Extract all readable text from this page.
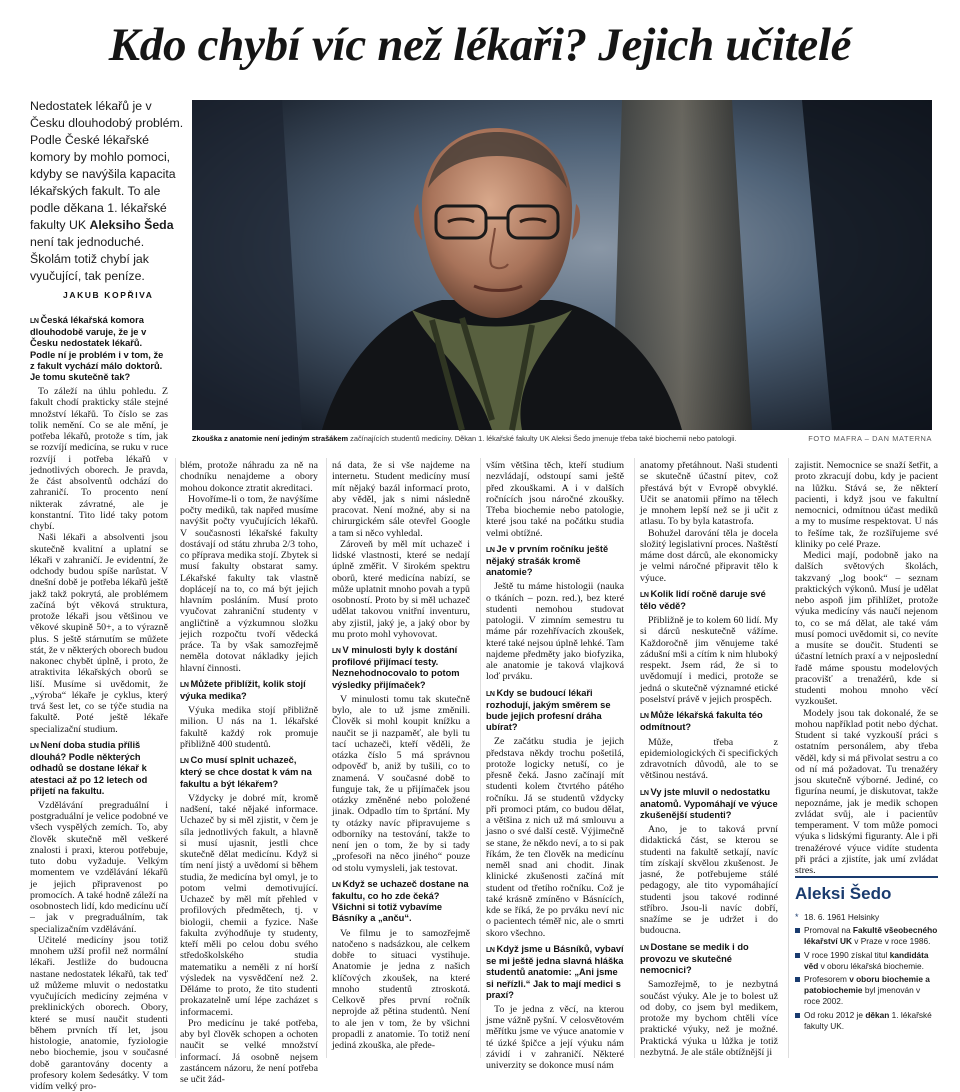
Kdo chybí víc než lékaři? Jejich učitelé
Nedostatek lékařů je v Česku dlouhodobý problém. Podle České lékařské komory by mohlo pomoci, kdyby se navýšila kapacita lékařských fakult. To ale podle děkana 1. lékařské fakulty UK Aleksiho Šeda není tak jednoduché. Školám totiž chybí jak vyučující, tak peníze.
JAKUB KOPŘIVA
Zkouška z anatomie není jediným strašákem začínajících studentů medicíny. Děkan 1. lékařské fakulty UK Aleksi Šedo jmenuje třeba také biochemii nebo patologii.	FOTO MAFRA – DAN MATERNA
LN Česká lékařská komora dlouhodobě varuje, že je v Česku nedostatek lékařů. Podle ní je problém i v tom, že z fakult vychází málo doktorů. Je tomu skutečně tak?

To záleží na úhlu pohledu. Z fakult chodí prakticky stále stejné množství lékařů. To číslo se zas tolik nemění. Co se ale mění, je potřeba lékařů, protože s tím, jak se rozvíjí medicína, se ruku v ruce rozvíjí i potřeba lékařů v jednotlivých oborech. Je pravda, že část absolventů odchází do zahraničí. To procento není nikterak závratné, ale je konstantní. Tito lidé taky potom chybí.

Naši lékaři a absolventi jsou skutečně kvalitní a uplatní se lékaři v zahraničí. Je evidentní, že odchody budou spíše narůstat. V dnešní době je potřeba lékařů ještě jakž takž pokrytá, ale problémem začíná být věková struktura, protože lékaři jsou většinou ve věkové skupině 50+, a to výrazně plus. S ještě stárnutím se můžete stát, že v některých oborech budou nakonec chybět úplně, i proto, že atraktivita lékařských oborů se liší. Musíme si uvědomit, že „výroba“ lékaře je cyklus, který trvá šest let, co se týče studia na fakultě. Poté ještě lékaře specializační studium.

LN Není doba studia příliš dlouhá? Podle některých odhadů se dostane lékař k atestaci až po 12 letech od přijetí na fakultu.

Vzdělávání pregraduální i postgraduální je velice podobné ve všech vyspělých zemích. To, aby člověk skutečně měl veškeré znalosti i praxi, kterou potřebuje, tuto dobu vyžaduje. Velkým momentem ve vzdělávání lékařů je jejich připravenost po promocích. A také hodně záleží na osobnostech lidí, kdo medicínu učí – jak v pregraduálním, tak specializačním vzdělávání.

Učitelé medicíny jsou totiž mnohem užší profil než normální lékaři. Jestliže do budoucna nastane nedostatek lékařů, tak teď už můžeme mluvit o nedostatku vyučujících medicíny zejména v preklinických oborech. Obory, které se musí naučit studenti během prvních tří let, jsou histologie, anatomie, fyziologie nebo biochemie, jsou v současné době garantovány docenty a profesory kolem šedesátky. V tom vidím velký pro-

blém, protože náhradu za ně na chodníku nenajdeme a obory mohou dokonce ztratit akreditaci.

Hovoříme-li o tom, že navýšíme počty mediků, tak napřed musíme navýšit počty vyučujících lékařů. V současnosti lékařské fakulty dostávají od státu zhruba 2/3 toho, co příprava medika stojí. Zbytek si musí fakulty obstarat samy. Lékařské fakulty tak vlastně doplácejí na to, co má být jejich hlavním posláním. Musí proto vyučovat zahraniční studenty v angličtině a výzkumnou složku jejich rozpočtu tvoří vědecká práce. Ta by však samozřejmě neměla dotovat nákladky jejich hlavní činnosti.

LN Můžete přiblížit, kolik stojí výuka medika?

Výuka medika stojí přibližně milion. U nás na 1. lékařské fakultě každý rok promuje přibližně 400 studentů.

LN Co musí splnit uchazeč, který se chce dostat k vám na fakultu a být lékařem?

Vždycky je dobré mít, kromě nadšení, také nějaké informace. Uchazeč by si měl zjistit, v čem je síla jednotlivých fakult, a hlavně si musí ujasnit, jestli chce skutečně dělat medicínu. Když si tím není jistý a uvědomí si během studia, že medicína byl omyl, je to potom velmi demotivující. Uchazeč by měl mít přehled v profilových předmětech, tj. v biologii, chemii a fyzice. Naše fakulta zvýhodňuje ty studenty, kteří měli po celou dobu svého středoškolského studia matematiku a neměli z ní horší výsledek na vysvědčení než 2. Děláme to proto, že tito studenti prokazatelně umí lépe zacházet s informacemi.

Pro medicínu je také potřeba, aby byl člověk schopen a ochoten naučit se velké množství informací. Já osobně nejsem zastáncem názoru, že není potřeba se učit žád-

ná data, že si vše najdeme na internetu. Student medicíny musí mít nějaký bazál informací proto, aby věděl, jak s nimi následně pracovat. Není možné, aby si na chirurgickém sále otevřel Google a tam si něco vyhledal.

Zároveň by měl mít uchazeč i lidské vlastnosti, které se nedají úplně změřit. V širokém spektru oborů, které medicína nabízí, se může uplatnit mnoho povah a typů osobností. Proto by si měl uchazeč udělat takovou vnitřní inventuru, aby zjistil, jaký je, a jaký obor by mu proto mohl vyhovovat.

LN V minulosti byly k dostání profilové přijímací testy. Neznehodnocovalo to potom výsledky přijímaček?

V minulosti tomu tak skutečně bylo, ale to už jsme změnili. Člověk si mohl koupit knížku a naučit se ji nazpaměť, ale byli tu tací uchazeči, kteří věděli, že otázka číslo 5 má správnou odpověď b, aniž by tušili, co to znamená. V současné době to funguje tak, že u přijímaček jsou otázky změněné nebo položené jinak. Odpadlo tím to šprtání. My ty otázky navíc připravujeme s odborníky na testování, takže to není jen o tom, že by si tady „profesoři na něco jiného“ pouze od stolu vymysleli, jak testovat.

LN Když se uchazeč dostane na fakultu, co ho zde čeká? Všichni si totiž vybavíme Básníky a „anču“.

Ve filmu je to samozřejmě natočeno s nadsázkou, ale celkem dobře to situaci vystihuje. Anatomie je jedna z našich klíčových zkoušek, na které mnoho studentů ztroskotá. Celkově přes první ročník neprojde až pětina studentů. Není to ale jen v tom, že by všichni propadli z anatomie. To totiž není jediná zkouška, ale přede-

vším většina těch, kteří studium nezvládají, odstoupí sami ještě před zkouškami. A i v dalších ročnících jsou náročné zkoušky. Třeba biochemie nebo patologie, které jsou také na počátku studia velmi obtížné.

LN Je v prvním ročníku ještě nějaký strašák kromě anatomie?

Ještě tu máme histologii (nauka o tkáních – pozn. red.), bez které studenti nemohou studovat patologii. V zimním semestru tu máme pár rozehřívacích zkoušek, které také nejsou úplně lehké. Tam najdeme předměty jako biofyzika, ale anatomie je taková vlajková loď prváku.

LN Kdy se budoucí lékaři rozhodují, jakým směrem se bude jejich profesní dráha ubírat?

Ze začátku studia je jejich představa někdy trochu pošetilá, protože logicky netuší, co je přesně čeká. Jasno začínají mít studenti kolem čtvrtého pátého ročníku. Já se studentů vždycky při promoci ptám, co budou dělat, a většina z nich už má smlouvu a jasno o své další cestě. Výjimečně se stane, že někdo neví, a to si pak říkám, že ten člověk na medicínu neměl snad ani chodit. Jinak klinické zkušenosti začíná mít student od třetího ročníku. Což je také krásně zmíněno v Básnících, kde se říká, že po prváku neví nic o pacientech téměř nic, ale o smrti skoro všechno.

LN Když jsme u Básníků, vybaví se mi ještě jedna slavná hláška studentů anatomie: „Ani jsme si neřízli.“ Jak to mají medici s praxí?

To je jedna z věcí, na kterou jsme vážně pyšní. V celosvětovém měřítku jsme ve výuce anatomie v té úzké špičce a její výuku nám závidí i v zahraničí. Některé univerzity se dokonce musí nám

anatomy přetáhnout. Naši studenti se skutečně účastní pitev, což přestává být v Evropě obvyklé. Učit se anatomii přímo na tělech je mnohem lepší než se ji učit z atlasu. To by byla katastrofa.

Bohužel darování těla je docela složitý legislativní proces. Naštěstí máme dost dárců, ale ekonomicky je velmi náročné připravit tělo k výuce.

LN Kolik lidí ročně daruje své tělo vědě?

Přibližně je to kolem 60 lidí. My si dárců neskutečně vážíme. Každoročně jim věnujeme také zádušní mši a cítím k nim hluboký respekt. Jsem rád, že si to uvědomují i medici, protože se jedná o skutečně významné etické poselství právě v jejich prospěch.

LN Může lékařská fakulta téo odmítnout?

Může, třeba z epidemiologických či specifických zdravotních důvodů, ale to se většinou nestává.

LN Vy jste mluvil o nedostatku anatomů. Vypomáhají ve výuce zkušenější studenti?

Ano, je to taková první didaktická část, se kterou se studenti na fakultě setkají, navíc tím získají skvělou zkušenost. Je jasné, že potřebujeme stálé pedagogy, ale tito vypomáhající studenti jsou takové rodinné stříbro. Jsou-li navíc dobří, snažíme se je udržet i do budoucna.

LN Dostane se medik i do provozu ve skutečné nemocnici?

Samozřejmě, to je nezbytná součást výuky. Ale je to bolest už od doby, co jsem byl medikem, protože my bychom chtěli více praktické výuky, než je možné. Praktická výuka u lůžka je totiž nezbytná. Je ale stále obtížnější ji

zajistit. Nemocnice se snaží šetřit, a proto zkracují dobu, kdy je pacient na lůžku. Stává se, že některí pacienti, i když jsou ve fakultní nemocnici, odmítnou účast mediků a my to musíme respektovat. U nás to řešíme tak, že rozšiřujeme své kliniky po celé Praze.

Medici mají, podobně jako na dalších světových školách, takzvaný „log book“ – seznam praktických výkonů. Musí je udělat nebo aspoň jim přihlížet, protože výuka medicíny vás naučí nejenom to, co se má dělat, ale také vám musí pomoci uvědomit si, co nevíte a musíte se doučit. Studenti se účastní letních praxí a v nejposlední řadě máme spoustu modelových pracovišť a trenažérů, kde si studenti mohou mnoho věcí vyzkoušet.

Modely jsou tak dokonalé, že se mohou například potit nebo dýchat. Student si také vyzkouší práci s ostatním personálem, aby třeba věděl, kdy si má přivolat sestru a co od ní má požadovat. Tu trenažéry jsou skutečně výborné. Jediné, co figurína neumí, je diskutovat, takže nepoznáme, jak je medik schopen zvládat svůj, ale i pacientův temperament. V tom může pomoci výuka s lidskými figuranty. Ale i při trenažérové výuce vidíte studenta při práci a zjistíte, jak umí zvládat stres.

Aleksi Šedo
* 18. 6. 1961 Helsinky
Promoval na Fakultě všeobecného lékařství UK v Praze v roce 1986.
V roce 1990 získal titul kandidáta věd v oboru lékařská biochemie.
Profesorem v oboru biochemie a patobiochemie byl jmenován v roce 2002.
Od roku 2012 je děkan 1. lékařské fakulty UK.
